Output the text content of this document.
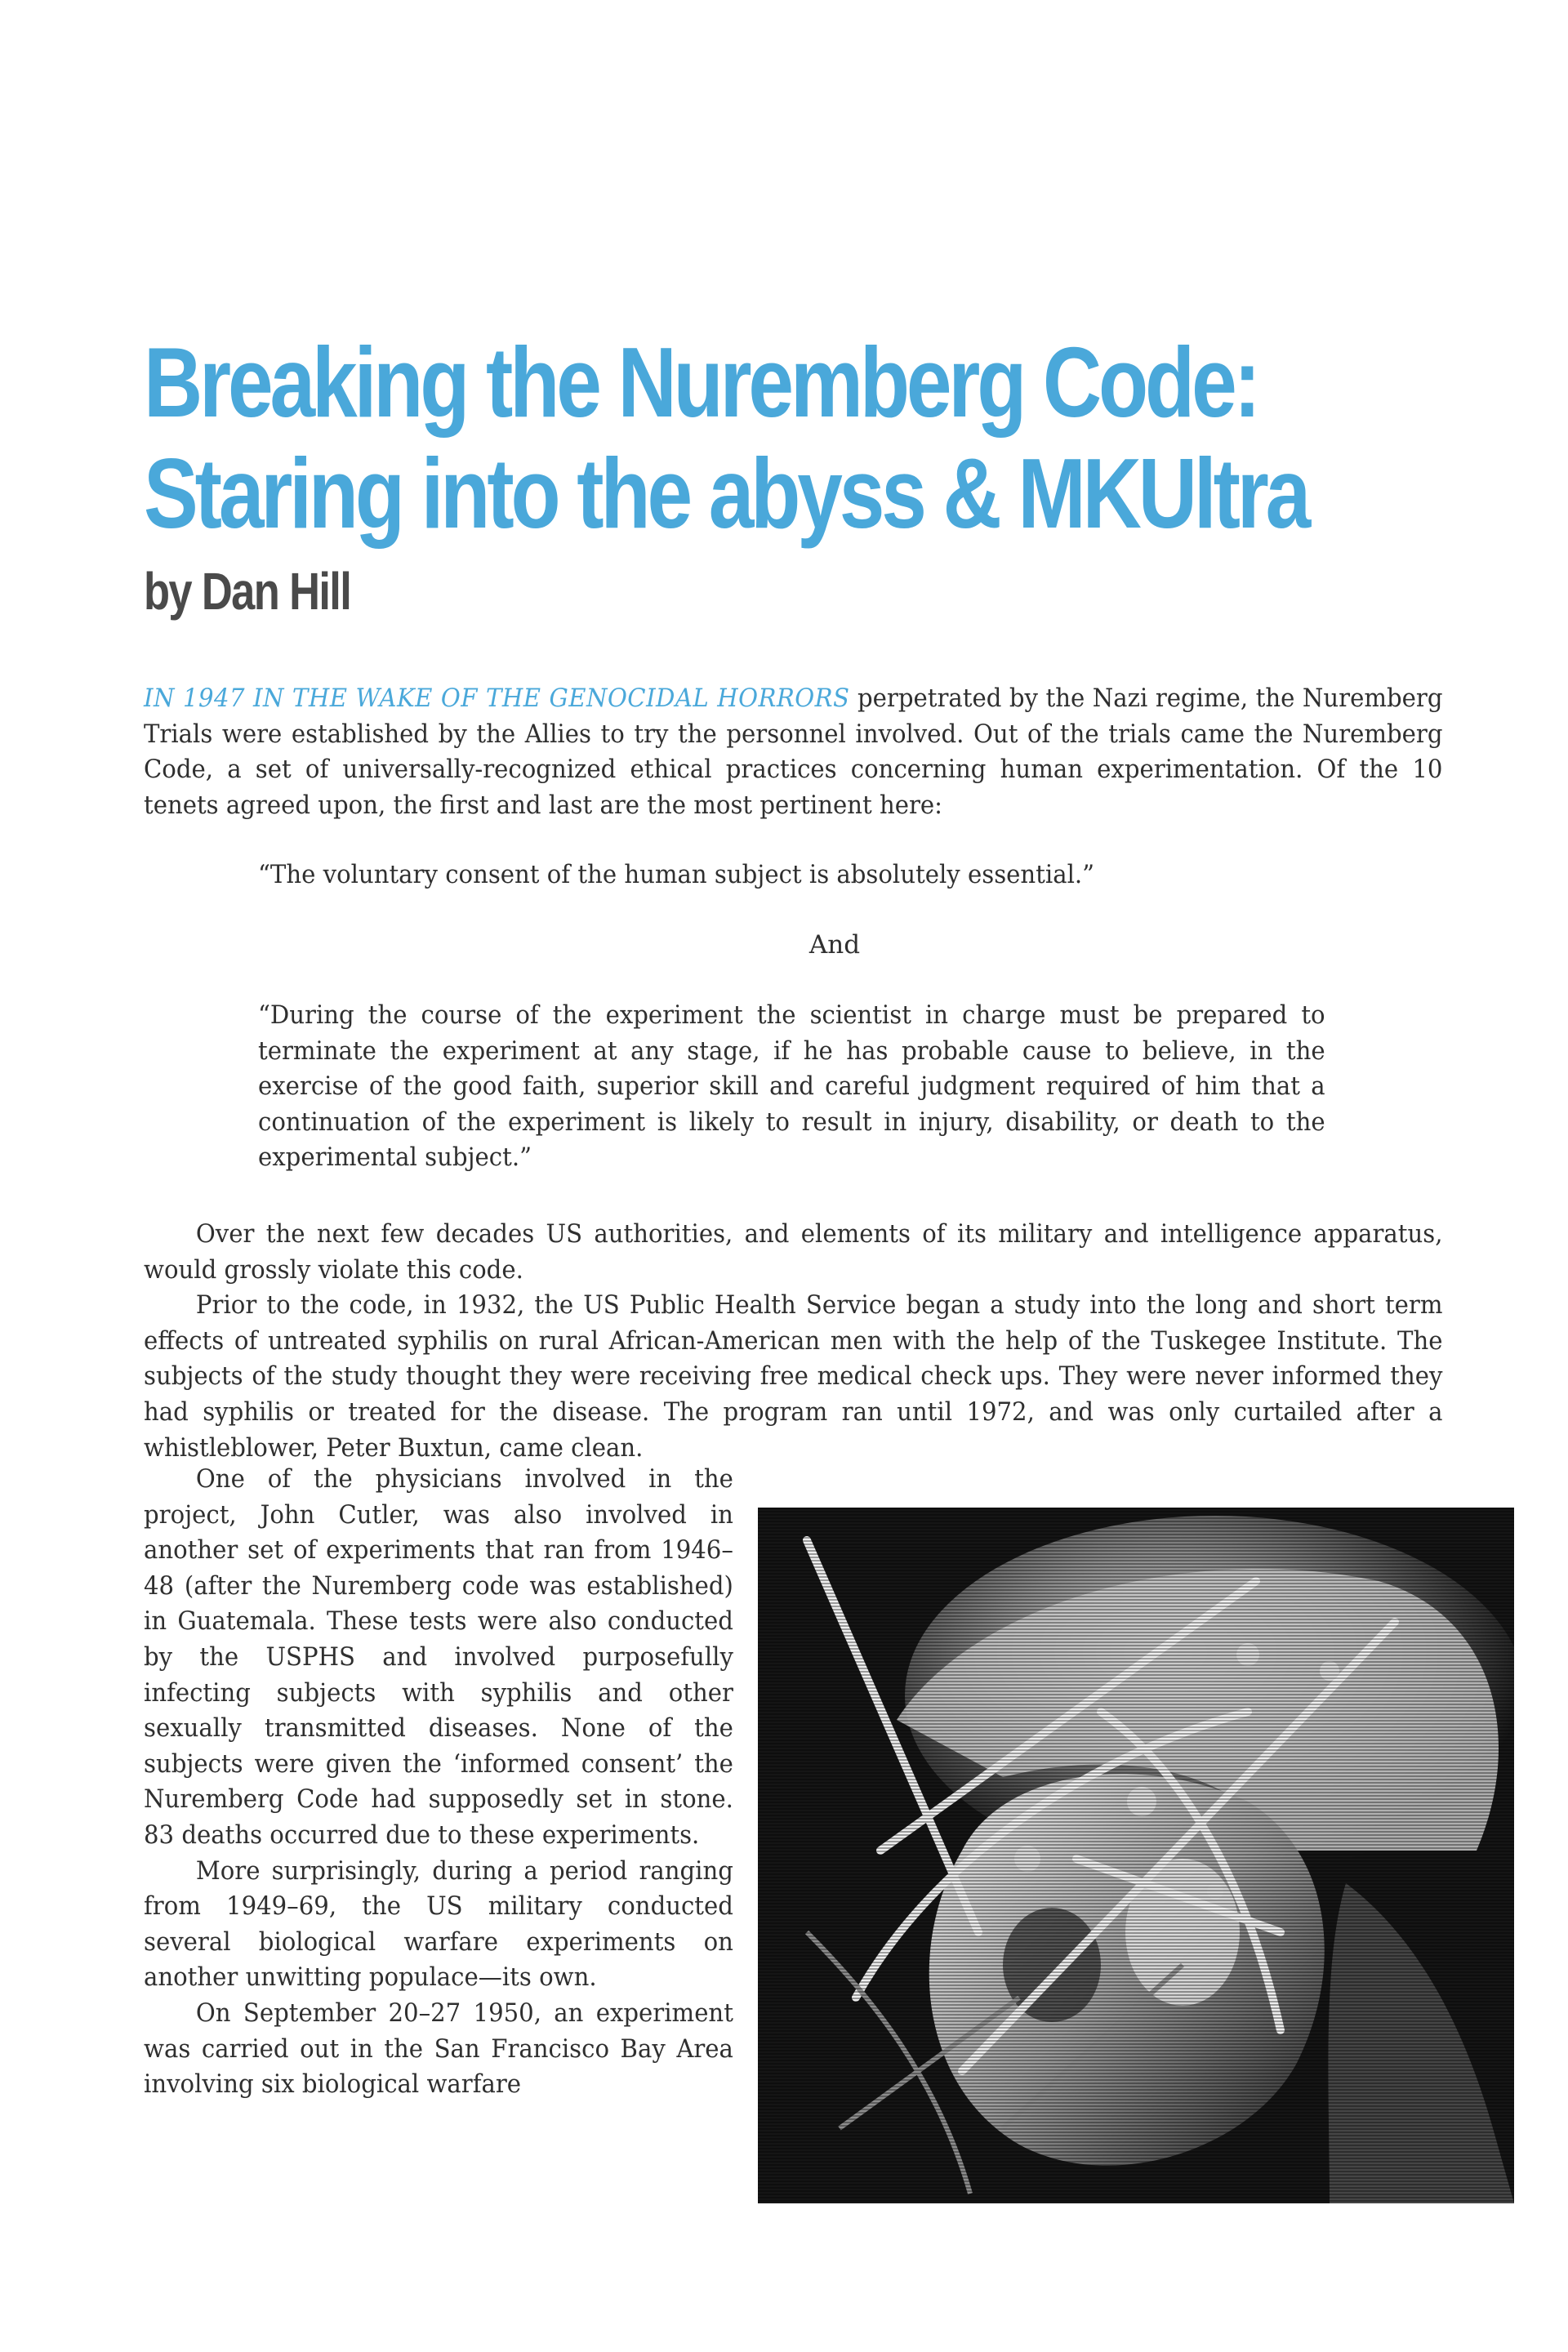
Breaking the Nuremberg Code:
Staring into the abyss & MKUltra
by Dan Hill

IN 1947 IN THE WAKE OF THE GENOCIDAL HORRORS perpetrated by the Nazi regime, the Nuremberg Trials were established by the Allies to try the personnel involved. Out of the trials came the Nuremberg Code, a set of universally-recognized ethical practices concerning human experimentation. Of the 10 tenets agreed upon, the first and last are the most pertinent here:

“The voluntary consent of the human subject is absolutely essential.”

And

“During the course of the experiment the scientist in charge must be prepared to terminate the experiment at any stage, if he has probable cause to believe, in the exercise of the good faith, superior skill and careful judgment required of him that a continuation of the experiment is likely to result in injury, disability, or death to the experimental subject.”

Over the next few decades US authorities, and elements of its military and intelligence apparatus, would grossly violate this code.

Prior to the code, in 1932, the US Public Health Service began a study into the long and short term effects of untreated syphilis on rural African-American men with the help of the Tuskegee Institute. The subjects of the study thought they were receiving free medical check ups. They were never informed they had syphilis or treated for the disease. The program ran until 1972, and was only curtailed after a whistleblower, Peter Buxtun, came clean.

One of the physicians involved in the project, John Cutler, was also involved in another set of experiments that ran from 1946–48 (after the Nuremberg code was established) in Guatemala. These tests were also conducted by the USPHS and involved purposefully infecting subjects with syphilis and other sexually transmitted diseases. None of the subjects were given the ‘informed consent’ the Nuremberg Code had supposedly set in stone. 83 deaths occurred due to these experiments.

More surprisingly, during a period ranging from 1949–69, the US military conducted several biological warfare experiments on another unwitting populace—its own.

On September 20–27 1950, an experiment was carried out in the San Francisco Bay Area involving six biological warfare
